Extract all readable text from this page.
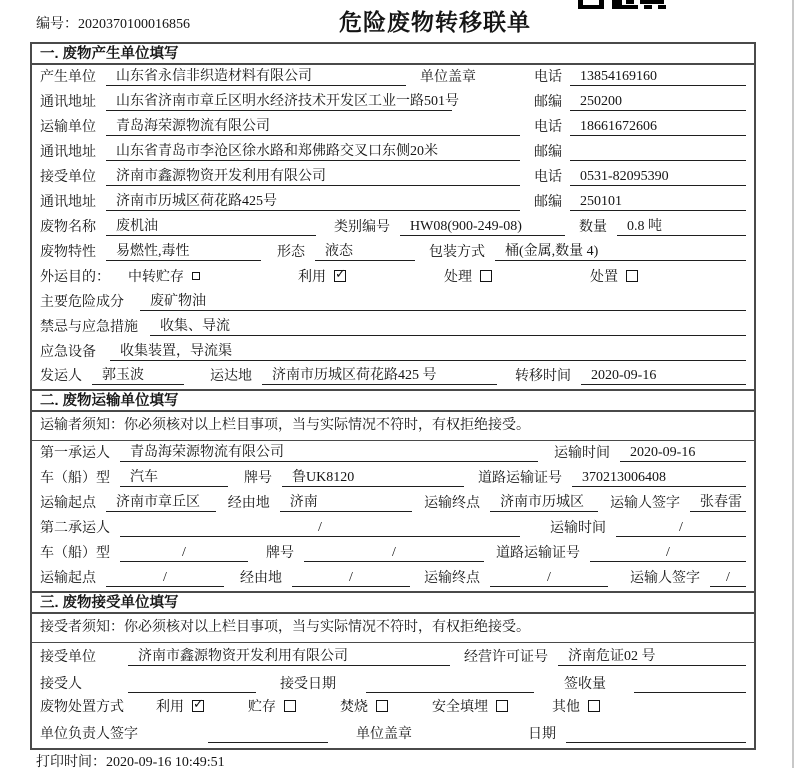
编号：2020370100016856	危险废物转移联单
一. 废物产生单位填写
产生单位	山东省永信非织造材料有限公司	单位盖章	电话	13854169160
通讯地址	山东省济南市章丘区明水经济技术开发区工业一路501号	邮编	250200
运输单位	青岛海荣源物流有限公司	电话	18661672606
通讯地址	山东省青岛市李沧区徐水路和郑佛路交叉口东侧20米	邮编
接受单位	济南市鑫源物资开发利用有限公司	电话	0531-82095390
通讯地址	济南市历城区荷花路425号	邮编	250101
废物名称	废机油	类别编号	HW08(900-249-08)	数量	0.8 吨
废物特性	易燃性,毒性	形态	液态	包装方式	桶(金属,数量 4)
外运目的： 中转贮存	利用 ✓	处理	处置
主要危险成分	废矿物油
禁忌与应急措施	收集、导流
应急设备	收集装置，导流渠
发运人	郭玉波	运达地	济南市历城区荷花路425 号	转移时间	2020-09-16
二. 废物运输单位填写
运输者须知：你必须核对以上栏目事项，当与实际情况不符时，有权拒绝接受。
第一承运人	青岛海荣源物流有限公司	运输时间	2020-09-16
车（船）型	汽车	牌号	鲁UK8120	道路运输证号	370213006408
运输起点	济南市章丘区	经由地	济南	运输终点	济南市历城区	运输人签字	张春雷
第二承运人	/	运输时间	/
车（船）型	/	牌号	/	道路运输证号	/
运输起点	/	经由地	/	运输终点	/	运输人签字	/
三. 废物接受单位填写
接受者须知：你必须核对以上栏目事项，当与实际情况不符时，有权拒绝接受。
接受单位	济南市鑫源物资开发利用有限公司	经营许可证号	济南危证02 号
接受人	接受日期	签收量
废物处置方式 利用 ✓	贮存	焚烧	安全填埋	其他
单位负责人签字	单位盖章	日期
打印时间：2020-09-16 10:49:51
